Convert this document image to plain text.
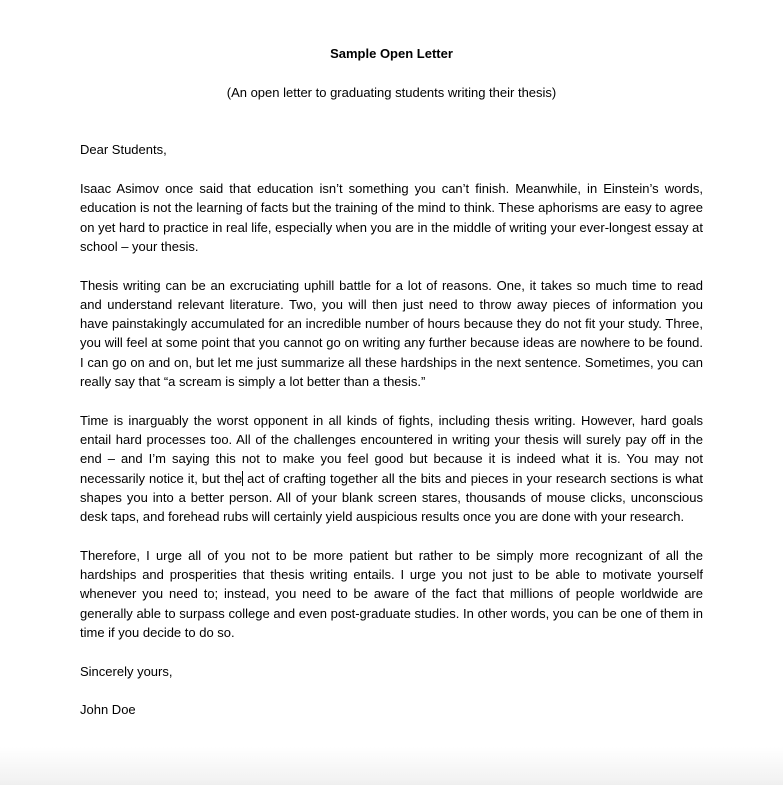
Sample Open Letter

(An open letter to graduating students writing their thesis)

Dear Students,

Isaac Asimov once said that education isn’t something you can’t finish. Meanwhile, in Einstein’s words, education is not the learning of facts but the training of the mind to think. These aphorisms are easy to agree on yet hard to practice in real life, especially when you are in the middle of writing your ever-longest essay at school – your thesis.

Thesis writing can be an excruciating uphill battle for a lot of reasons. One, it takes so much time to read and understand relevant literature. Two, you will then just need to throw away pieces of information you have painstakingly accumulated for an incredible number of hours because they do not fit your study. Three, you will feel at some point that you cannot go on writing any further because ideas are nowhere to be found. I can go on and on, but let me just summarize all these hardships in the next sentence. Sometimes, you can really say that “a scream is simply a lot better than a thesis.”

Time is inarguably the worst opponent in all kinds of fights, including thesis writing. However, hard goals entail hard processes too. All of the challenges encountered in writing your thesis will surely pay off in the end – and I’m saying this not to make you feel good but because it is indeed what it is. You may not necessarily notice it, but the act of crafting together all the bits and pieces in your research sections is what shapes you into a better person. All of your blank screen stares, thousands of mouse clicks, unconscious desk taps, and forehead rubs will certainly yield auspicious results once you are done with your research.

Therefore, I urge all of you not to be more patient but rather to be simply more recognizant of all the hardships and prosperities that thesis writing entails. I urge you not just to be able to motivate yourself whenever you need to; instead, you need to be aware of the fact that millions of people worldwide are generally able to surpass college and even post-graduate studies. In other words, you can be one of them in time if you decide to do so.

Sincerely yours,

John Doe
